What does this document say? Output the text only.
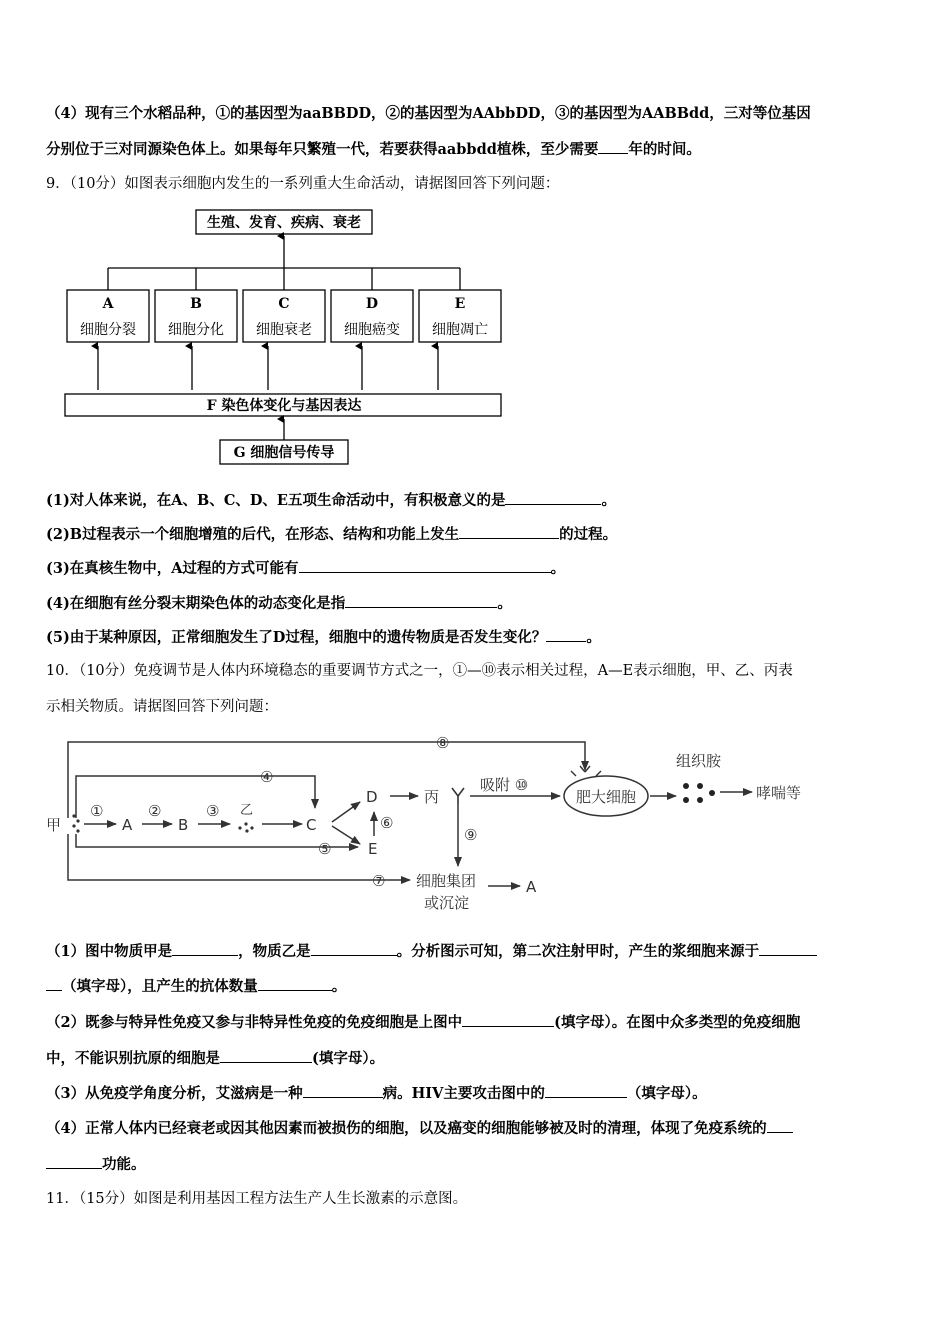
（4）现有三个水稻品种，①的基因型为aaBBDD，②的基因型为AAbbDD，③的基因型为AABBdd，三对等位基因
分别位于三对同源染色体上。如果每年只繁殖一代，若要获得aabbdd植株，至少需要 年的时间。
9．（10分）如图表示细胞内发生的一系列重大生命活动，请据图回答下列问题：
生殖、发育、疾病、衰老
A
细胞分裂
B
细胞分化
C
细胞衰老
D
细胞癌变
E
细胞凋亡
F 染色体变化与基因表达
G 细胞信号传导
(1)对人体来说，在A、B、C、D、E五项生命活动中，有积极意义的是	。
(2)B过程表示一个细胞增殖的后代，在形态、结构和功能上发生	的过程。
(3)在真核生物中，A过程的方式可能有	。
(4)在细胞有丝分裂末期染色体的动态变化是指	。
(5)由于某种原因，正常细胞发生了D过程，细胞中的遗传物质是否发生变化？	。
10．（10分）免疫调节是人体内环境稳态的重要调节方式之一，①—⑩表示相关过程，A—E表示细胞，甲、乙、丙表
示相关物质。请据图回答下列问题：
肥大细胞
甲	A	B
乙
C
D
E
丙
①	②	③
④
⑤
⑥
⑦
⑧
⑨
吸附 ⑩
组织胺
哮喘等
细胞集团
或沉淀
A
（1）图中物质甲是	，物质乙是	。分析图示可知，第二次注射甲时，产生的浆细胞来源于
（填字母），且产生的抗体数量	。
（2）既参与特异性免疫又参与非特异性免疫的免疫细胞是上图中	(填字母）。在图中众多类型的免疫细胞
中，不能识别抗原的细胞是	(填字母）。
（3）从免疫学角度分析，艾滋病是一种	病。HIV主要攻击图中的	（填字母）。
（4）正常人体内已经衰老或因其他因素而被损伤的细胞，以及癌变的细胞能够被及时的清理，体现了免疫系统的
功能。
11．（15分）如图是利用基因工程方法生产人生长激素的示意图。
